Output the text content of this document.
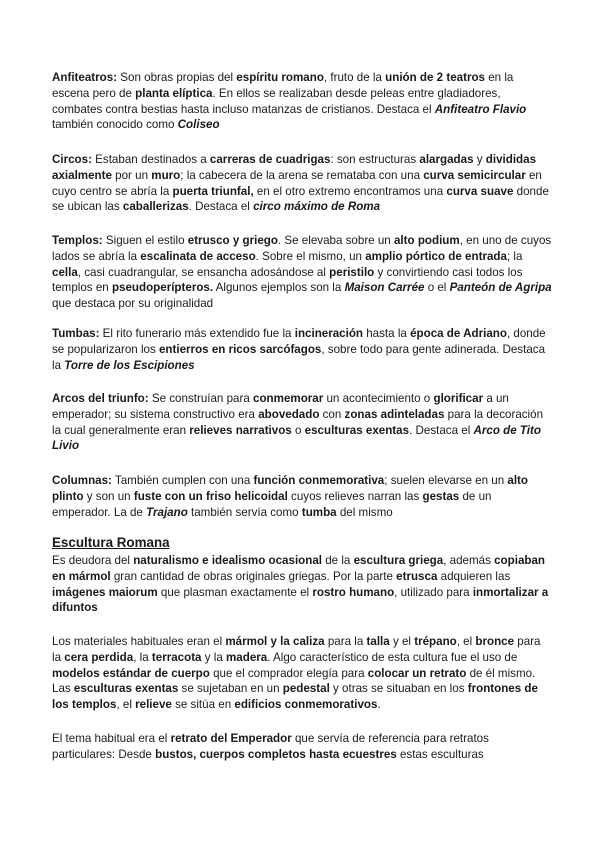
Anfiteatros: Son obras propias del espíritu romano, fruto de la unión de 2 teatros en la escena pero de planta elíptica. En ellos se realizaban desde peleas entre gladiadores, combates contra bestias hasta incluso matanzas de cristianos. Destaca el Anfiteatro Flavio también conocido como Coliseo

Circos: Estaban destinados a carreras de cuadrigas: son estructuras alargadas y divididas axialmente por un muro; la cabecera de la arena se remataba con una curva semicircular en cuyo centro se abría la puerta triunfal, en el otro extremo encontramos una curva suave donde se ubican las caballerizas. Destaca el circo máximo de Roma

Templos: Siguen el estilo etrusco y griego. Se elevaba sobre un alto podium, en uno de cuyos lados se abría la escalinata de acceso. Sobre el mismo, un amplio pórtico de entrada; la cella, casi cuadrangular, se ensancha adosándose al peristilo y convirtiendo casi todos los templos en pseudoperípteros. Algunos ejemplos son la Maison Carrée o el Panteón de Agripa que destaca por su originalidad

Tumbas: El rito funerario más extendido fue la incineración hasta la época de Adriano, donde se popularizaron los entierros en ricos sarcófagos, sobre todo para gente adinerada. Destaca la Torre de los Escipiones

Arcos del triunfo: Se construían para conmemorar un acontecimiento o glorificar a un emperador; su sistema constructivo era abovedado con zonas adinteladas para la decoración la cual generalmente eran relieves narrativos o esculturas exentas. Destaca el Arco de Tito Livio

Columnas: También cumplen con una función conmemorativa; suelen elevarse en un alto plinto y son un fuste con un friso helicoidal cuyos relieves narran las gestas de un emperador. La de Trajano también servía como tumba del mismo

Escultura Romana

Es deudora del naturalismo e idealismo ocasional de la escultura griega, además copiaban en mármol gran cantidad de obras originales griegas. Por la parte etrusca adquieren las imágenes maiorum que plasman exactamente el rostro humano, utilizado para inmortalizar a difuntos

Los materiales habituales eran el mármol y la caliza para la talla y el trépano, el bronce para la cera perdida, la terracota y la madera. Algo característico de esta cultura fue el uso de modelos estándar de cuerpo que el comprador elegía para colocar un retrato de él mismo. Las esculturas exentas se sujetaban en un pedestal y otras se situaban en los frontones de los templos, el relieve se sitúa en edificios conmemorativos.

El tema habitual era el retrato del Emperador que servía de referencia para retratos particulares: Desde bustos, cuerpos completos hasta ecuestres estas esculturas
